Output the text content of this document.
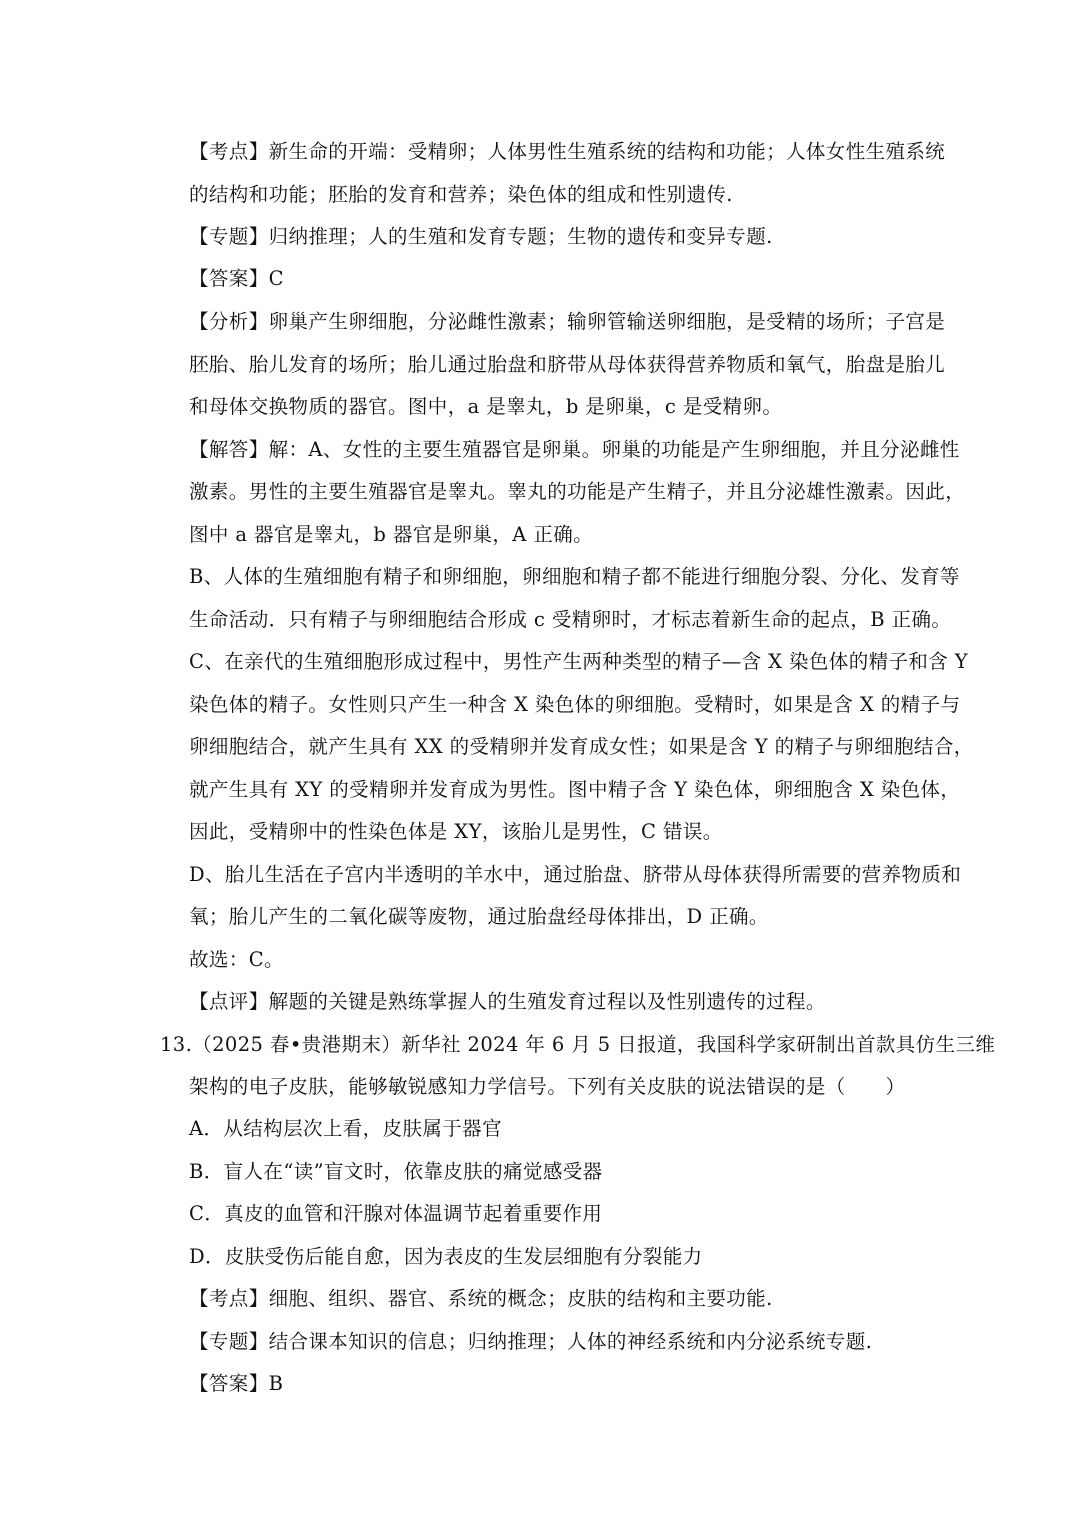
【考点】新生命的开端：受精卵；人体男性生殖系统的结构和功能；人体女性生殖系统
的结构和功能；胚胎的发育和营养；染色体的组成和性别遗传.
【专题】归纳推理；人的生殖和发育专题；生物的遗传和变异专题.
【答案】C
【分析】卵巢产生卵细胞，分泌雌性激素；输卵管输送卵细胞，是受精的场所；子宫是
胚胎、胎儿发育的场所；胎儿通过胎盘和脐带从母体获得营养物质和氧气，胎盘是胎儿
和母体交换物质的器官。图中，a 是睾丸，b 是卵巢，c 是受精卵。
【解答】解：A、女性的主要生殖器官是卵巢。卵巢的功能是产生卵细胞，并且分泌雌性
激素。男性的主要生殖器官是睾丸。睾丸的功能是产生精子，并且分泌雄性激素。因此，
图中 a 器官是睾丸，b 器官是卵巢，A 正确。
B、人体的生殖细胞有精子和卵细胞，卵细胞和精子都不能进行细胞分裂、分化、发育等
生命活动．只有精子与卵细胞结合形成 c 受精卵时，才标志着新生命的起点，B 正确。
C、在亲代的生殖细胞形成过程中，男性产生两种类型的精子—含 X 染色体的精子和含 Y
染色体的精子。女性则只产生一种含 X 染色体的卵细胞。受精时，如果是含 X 的精子与
卵细胞结合，就产生具有 XX 的受精卵并发育成女性；如果是含 Y 的精子与卵细胞结合，
就产生具有 XY 的受精卵并发育成为男性。图中精子含 Y 染色体，卵细胞含 X 染色体，
因此，受精卵中的性染色体是 XY，该胎儿是男性，C 错误。
D、胎儿生活在子宫内半透明的羊水中，通过胎盘、脐带从母体获得所需要的营养物质和
氧；胎儿产生的二氧化碳等废物，通过胎盘经母体排出，D 正确。
故选：C。
【点评】解题的关键是熟练掌握人的生殖发育过程以及性别遗传的过程。
13.（2025 春•贵港期末）新华社 2024 年 6 月 5 日报道，我国科学家研制出首款具仿生三维
架构的电子皮肤，能够敏锐感知力学信号。下列有关皮肤的说法错误的是（　　）
A．从结构层次上看，皮肤属于器官
B．盲人在“读”盲文时，依靠皮肤的痛觉感受器
C．真皮的血管和汗腺对体温调节起着重要作用
D．皮肤受伤后能自愈，因为表皮的生发层细胞有分裂能力
【考点】细胞、组织、器官、系统的概念；皮肤的结构和主要功能.
【专题】结合课本知识的信息；归纳推理；人体的神经系统和内分泌系统专题.
【答案】B
